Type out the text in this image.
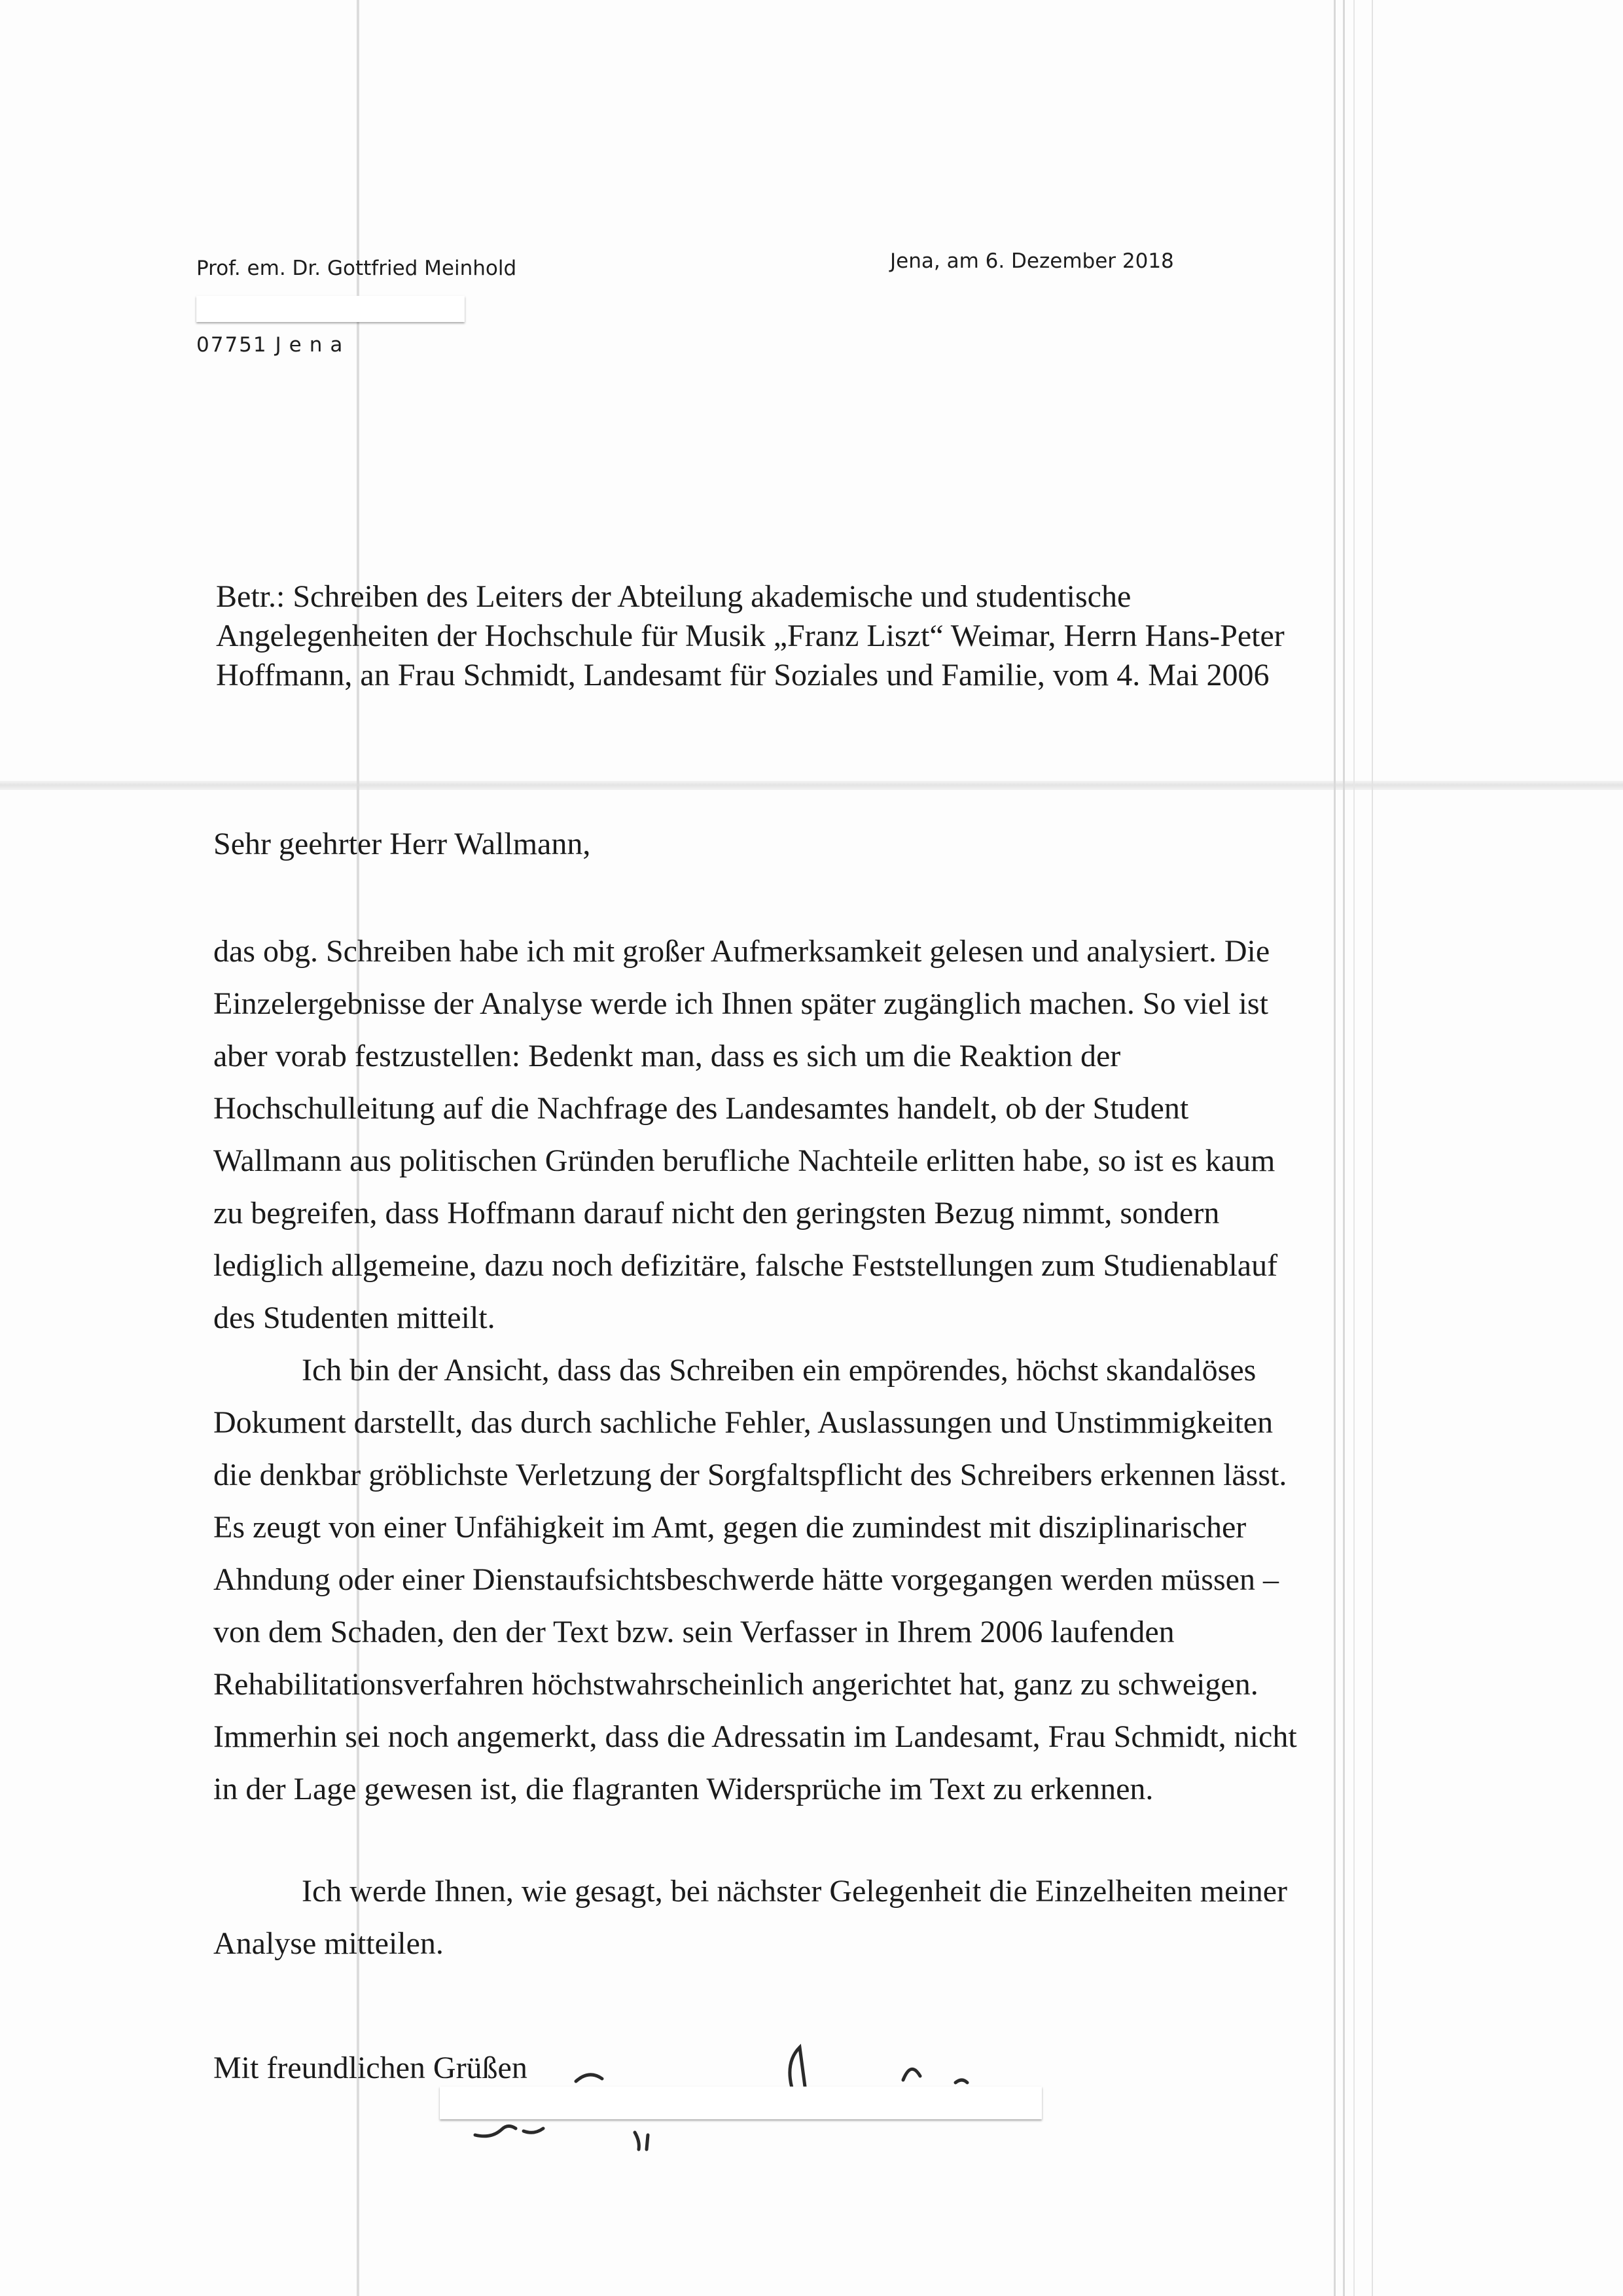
Prof. em. Dr. Gottfried Meinhold	Jena, am 6. Dezember 2018
07751 Jena
Betr.: Schreiben des Leiters der Abteilung akademische und studentische
Angelegenheiten der Hochschule für Musik „Franz Liszt“ Weimar, Herrn Hans-Peter
Hoffmann, an Frau Schmidt, Landesamt für Soziales und Familie, vom 4. Mai 2006
Sehr geehrter Herr Wallmann,
das obg. Schreiben habe ich mit großer Aufmerksamkeit gelesen und analysiert. Die
Einzelergebnisse der Analyse werde ich Ihnen später zugänglich machen. So viel ist
aber vorab festzustellen: Bedenkt man, dass es sich um die Reaktion der
Hochschulleitung auf die Nachfrage des Landesamtes handelt, ob der Student
Wallmann aus politischen Gründen berufliche Nachteile erlitten habe, so ist es kaum
zu begreifen, dass Hoffmann darauf nicht den geringsten Bezug nimmt, sondern
lediglich allgemeine, dazu noch defizitäre, falsche Feststellungen zum Studienablauf
des Studenten mitteilt.
Ich bin der Ansicht, dass das Schreiben ein empörendes, höchst skandalöses
Dokument darstellt, das durch sachliche Fehler, Auslassungen und Unstimmigkeiten
die denkbar gröblichste Verletzung der Sorgfaltspflicht des Schreibers erkennen lässt.
Es zeugt von einer Unfähigkeit im Amt, gegen die zumindest mit disziplinarischer
Ahndung oder einer Dienstaufsichtsbeschwerde hätte vorgegangen werden müssen –
von dem Schaden, den der Text bzw. sein Verfasser in Ihrem 2006 laufenden
Rehabilitationsverfahren höchstwahrscheinlich angerichtet hat, ganz zu schweigen.
Immerhin sei noch angemerkt, dass die Adressatin im Landesamt, Frau Schmidt, nicht
in der Lage gewesen ist, die flagranten Widersprüche im Text zu erkennen.
Ich werde Ihnen, wie gesagt, bei nächster Gelegenheit die Einzelheiten meiner
Analyse mitteilen.
Mit freundlichen Grüßen
